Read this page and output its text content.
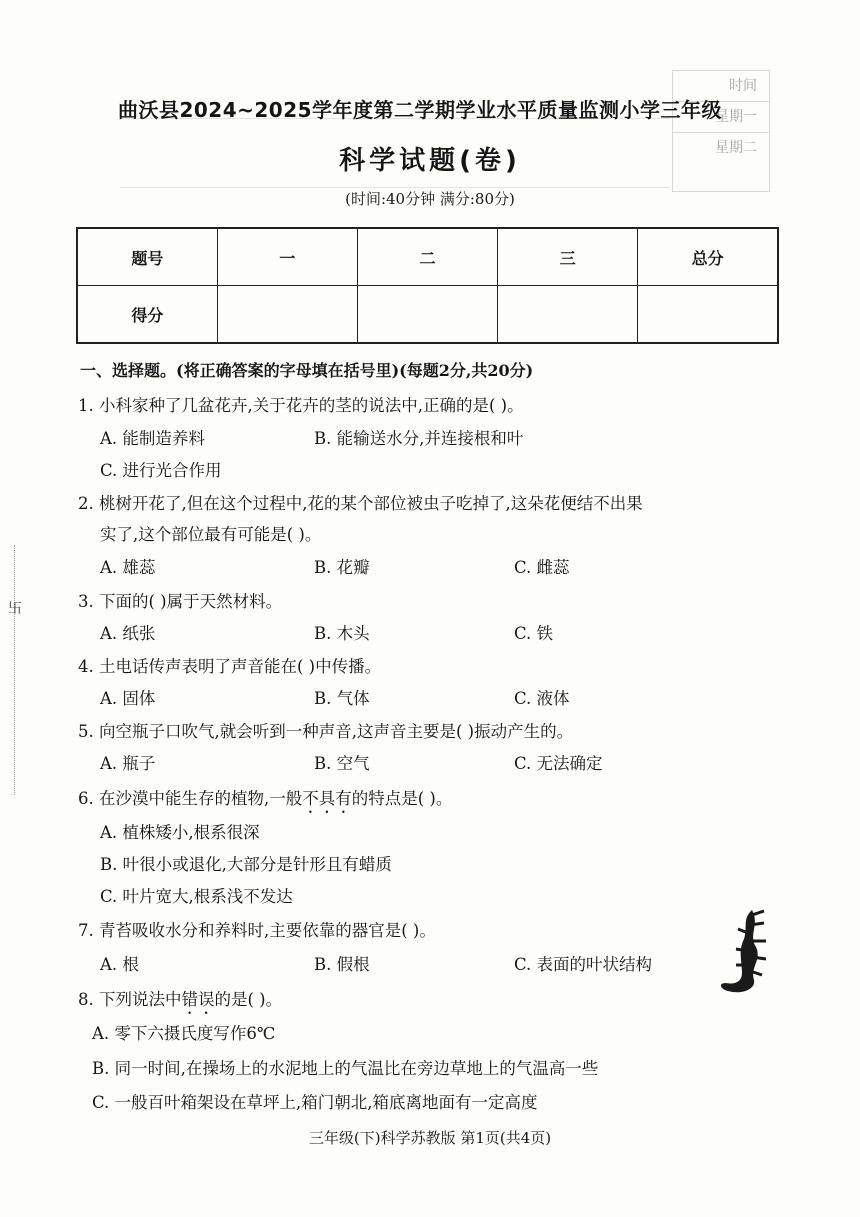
时间
星期一
星期二
曲沃县2024~2025学年度第二学期学业水平质量监测小学三年级
科学试题(卷)
(时间:40分钟 满分:80分)
题号	一	二	三	总分
得分				
一、选择题。(将正确答案的字母填在括号里)(每题2分,共20分)
1. 小科家种了几盆花卉,关于花卉的茎的说法中,正确的是( )。
A. 能制造养料	B. 能输送水分,并连接根和叶
C. 进行光合作用
2. 桃树开花了,但在这个过程中,花的某个部位被虫子吃掉了,这朵花便结不出果
实了,这个部位最有可能是( )。
A. 雄蕊	B. 花瓣	C. 雌蕊
3. 下面的( )属于天然材料。
A. 纸张	B. 木头	C. 铁
4. 土电话传声表明了声音能在( )中传播。
A. 固体	B. 气体	C. 液体
5. 向空瓶子口吹气,就会听到一种声音,这声音主要是( )振动产生的。
A. 瓶子	B. 空气	C. 无法确定
6. 在沙漠中能生存的植物,一般不具有的特点是( )。
A. 植株矮小,根系很深
B. 叶很小或退化,大部分是针形且有蜡质
C. 叶片宽大,根系浅不发达
7. 青苔吸收水分和养料时,主要依靠的器官是( )。
A. 根	B. 假根	C. 表面的叶状结构
8. 下列说法中错误的是( )。
A. 零下六摄氏度写作6℃
B. 同一时间,在操场上的水泥地上的气温比在旁边草地上的气温高一些
C. 一般百叶箱架设在草坪上,箱门朝北,箱底离地面有一定高度
卐
三年级(下)科学苏教版 第1页(共4页)
